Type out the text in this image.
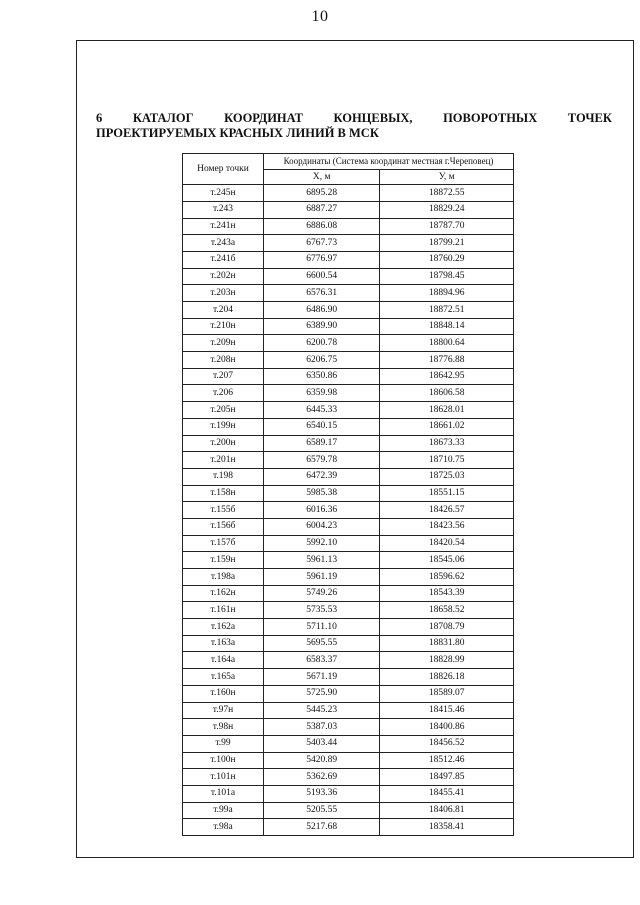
10
6 КАТАЛОГ КООРДИНАТ КОНЦЕВЫХ, ПОВОРОТНЫХ ТОЧЕК
ПРОЕКТИРУЕМЫХ КРАСНЫХ ЛИНИЙ В МСК
Номер точки	Координаты (Система координат местная г.Череповец)	
	Х, м	У, м
т.245н	6895.28	18872.55
т.243	6887.27	18829.24
т.241н	6886.08	18787.70
т.243а	6767.73	18799.21
т.241б	6776.97	18760.29
т.202н	6600.54	18798.45
т.203н	6576.31	18894.96
т.204	6486.90	18872.51
т.210н	6389.90	18848.14
т.209н	6200.78	18800.64
т.208н	6206.75	18776.88
т.207	6350.86	18642.95
т.206	6359.98	18606.58
т.205н	6445.33	18628.01
т.199н	6540.15	18661.02
т.200н	6589.17	18673.33
т.201н	6579.78	18710.75
т.198	6472.39	18725.03
т.158н	5985.38	18551.15
т.155б	6016.36	18426.57
т.156б	6004.23	18423.56
т.157б	5992.10	18420.54
т.159н	5961.13	18545.06
т.198а	5961.19	18596.62
т.162н	5749.26	18543.39
т.161н	5735.53	18658.52
т.162а	5711.10	18708.79
т.163а	5695.55	18831.80
т.164а	6583.37	18828.99
т.165а	5671.19	18826.18
т.160н	5725.90	18589.07
т.97н	5445.23	18415.46
т.98н	5387.03	18400.86
т.99	5403.44	18456.52
т.100н	5420.89	18512.46
т.101н	5362.69	18497.85
т.101а	5193.36	18455.41
т.99а	5205.55	18406.81
т.98а	5217.68	18358.41
